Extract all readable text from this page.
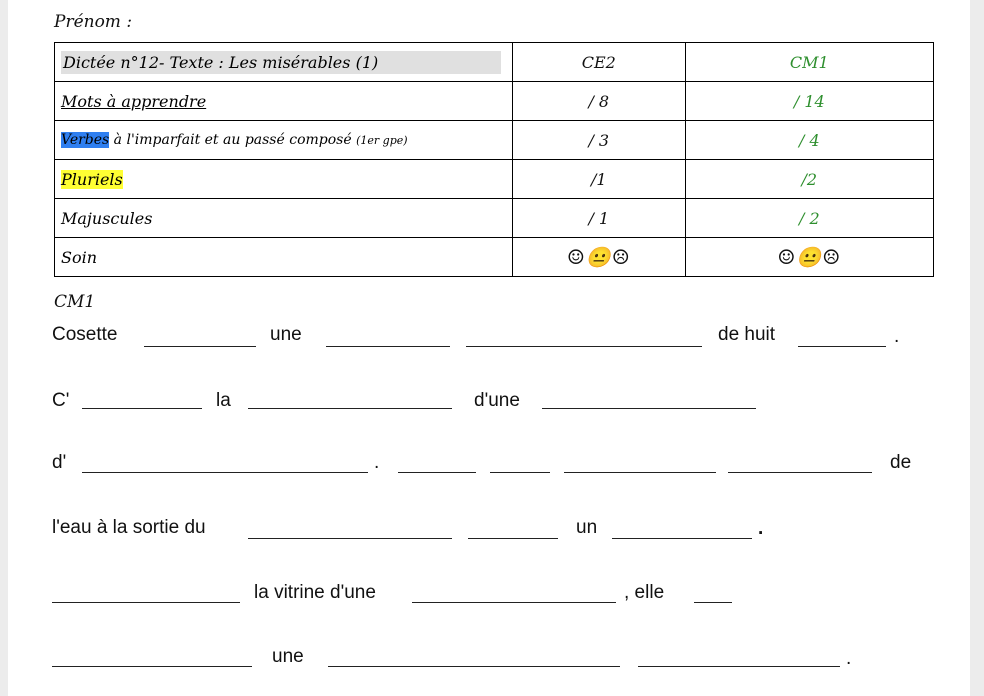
Prénom :
Dictée n°12- Texte : Les misérables (1)	CE2	CM1
Mots à apprendre	/ 8	/ 14
Verbes à l'imparfait et au passé composé (1er gpe)	/ 3	/ 4
Pluriels	/1	/2
Majuscules	/ 1	/ 2
Soin	☺😐☹	☺😐☹
CM1
Cosette	une	de huit	.
C'	la	d'une
d'	.	de
l'eau à la sortie du	un	.
la vitrine d'une	, elle
une	.
